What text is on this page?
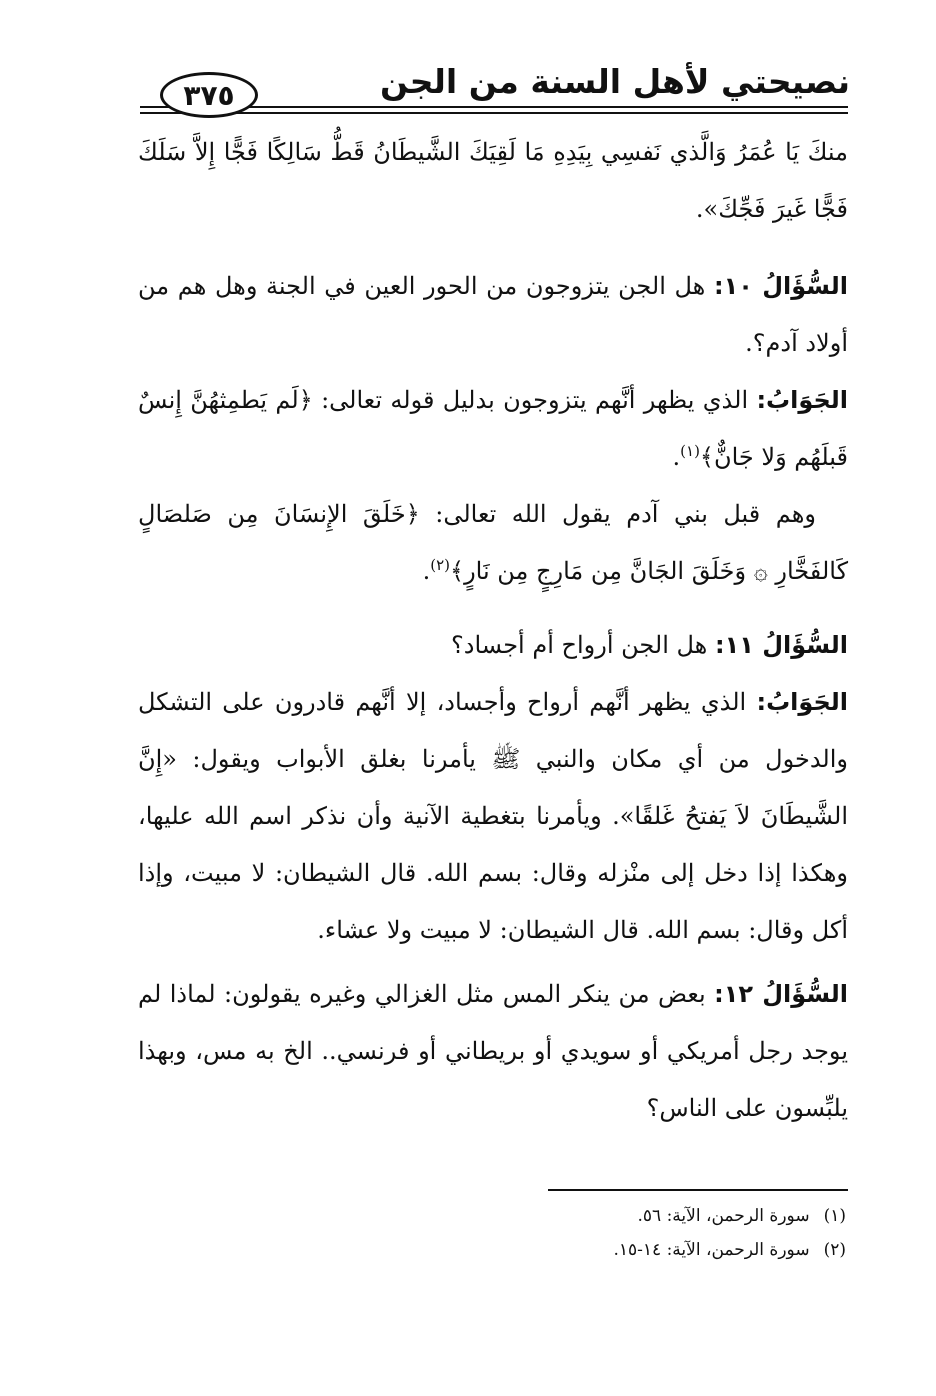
نصيحتي لأهل السنة من الجن
٣٧٥
منكَ يَا عُمَرُ وَالَّذي نَفسِي بِيَدِهِ مَا لَقِيَكَ الشَّيطَانُ قَطُّ سَالِكًا فَجًّا إِلاَّ سَلَكَ فَجًّا غَيرَ فَجِّكَ».
السُّؤَالُ ١٠: هل الجن يتزوجون من الحور العين في الجنة وهل هم من أولاد آدم؟.
الجَوَابُ: الذي يظهر أنَّهم يتزوجون بدليل قوله تعالى: ﴿لَم يَطمِثهُنَّ إِنسٌ قَبلَهُم وَلا جَانٌّ﴾$^{(١)}$.
وهم قبل بني آدم يقول الله تعالى: ﴿خَلَقَ الإِنسَانَ مِن صَلصَالٍ كَالفَخَّارِ ۞ وَخَلَقَ الجَانَّ مِن مَارِجٍ مِن نَارٍ﴾$^{(٢)}$.
السُّؤَالُ ١١: هل الجن أرواح أم أجساد؟
الجَوَابُ: الذي يظهر أنَّهم أرواح وأجساد، إلا أنَّهم قادرون على التشكل والدخول من أي مكان والنبي ﷺ يأمرنا بغلق الأبواب ويقول: «إِنَّ الشَّيطَانَ لاَ يَفتحُ غَلقًا». ويأمرنا بتغطية الآنية وأن نذكر اسم الله عليها، وهكذا إذا دخل إلى منْزله وقال: بسم الله. قال الشيطان: لا مبيت، وإذا أكل وقال: بسم الله. قال الشيطان: لا مبيت ولا عشاء.
السُّؤَالُ ١٢: بعض من ينكر المس مثل الغزالي وغيره يقولون: لماذا لم يوجد رجل أمريكي أو سويدي أو بريطاني أو فرنسي.. الخ به مس، وبهذا يلبِّسون على الناس؟
(١)سورة الرحمن، الآية: ٥٦.
(٢)سورة الرحمن، الآية: ١٤-١٥.
